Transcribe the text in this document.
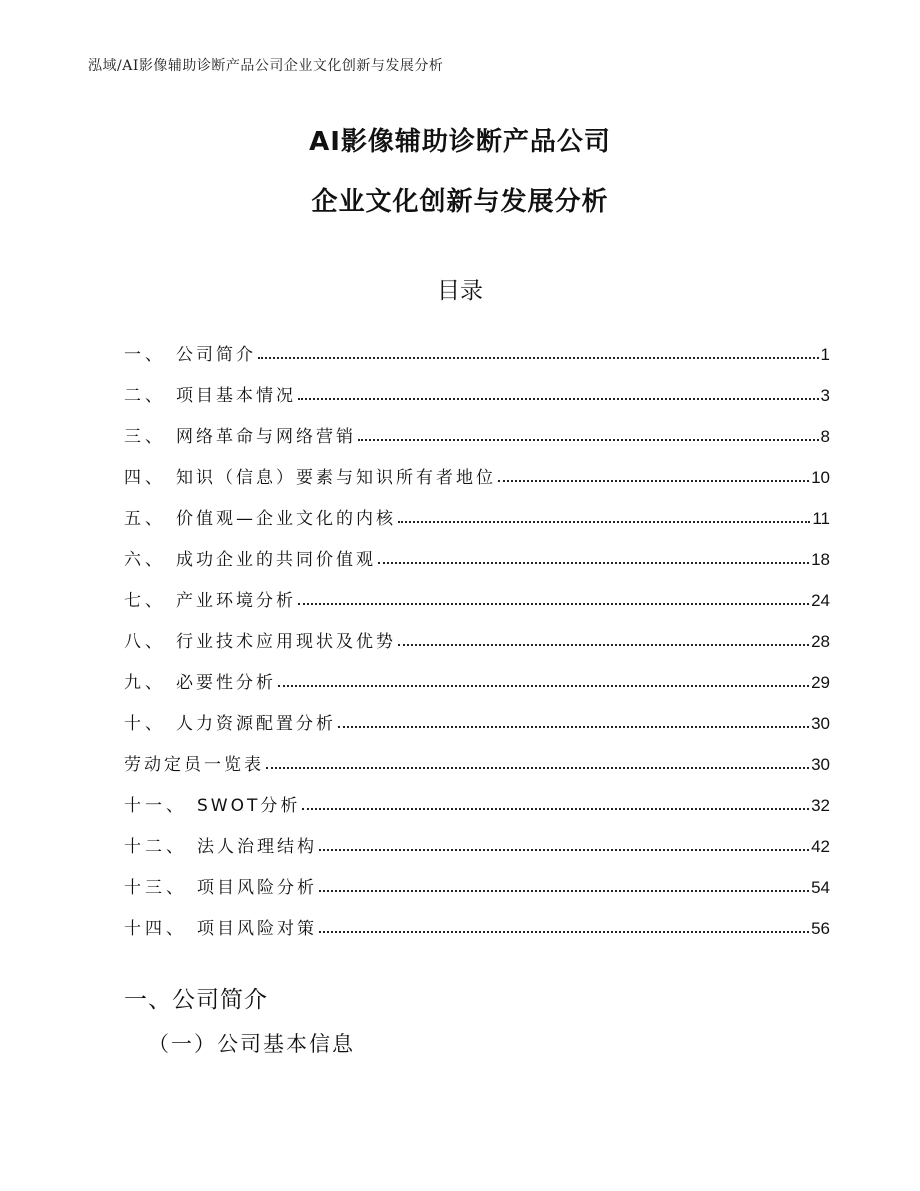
泓域/AI影像辅助诊断产品公司企业文化创新与发展分析
AI影像辅助诊断产品公司
企业文化创新与发展分析
目录
一、 公司简介	1
二、 项目基本情况	3
三、 网络革命与网络营销	8
四、 知识（信息）要素与知识所有者地位	10
五、 价值观—企业文化的内核	11
六、 成功企业的共同价值观	18
七、 产业环境分析	24
八、 行业技术应用现状及优势	28
九、 必要性分析	29
十、 人力资源配置分析	30
劳动定员一览表	30
十一、 SWOT分析	32
十二、 法人治理结构	42
十三、 项目风险分析	54
十四、 项目风险对策	56
一、公司简介
（一）公司基本信息
